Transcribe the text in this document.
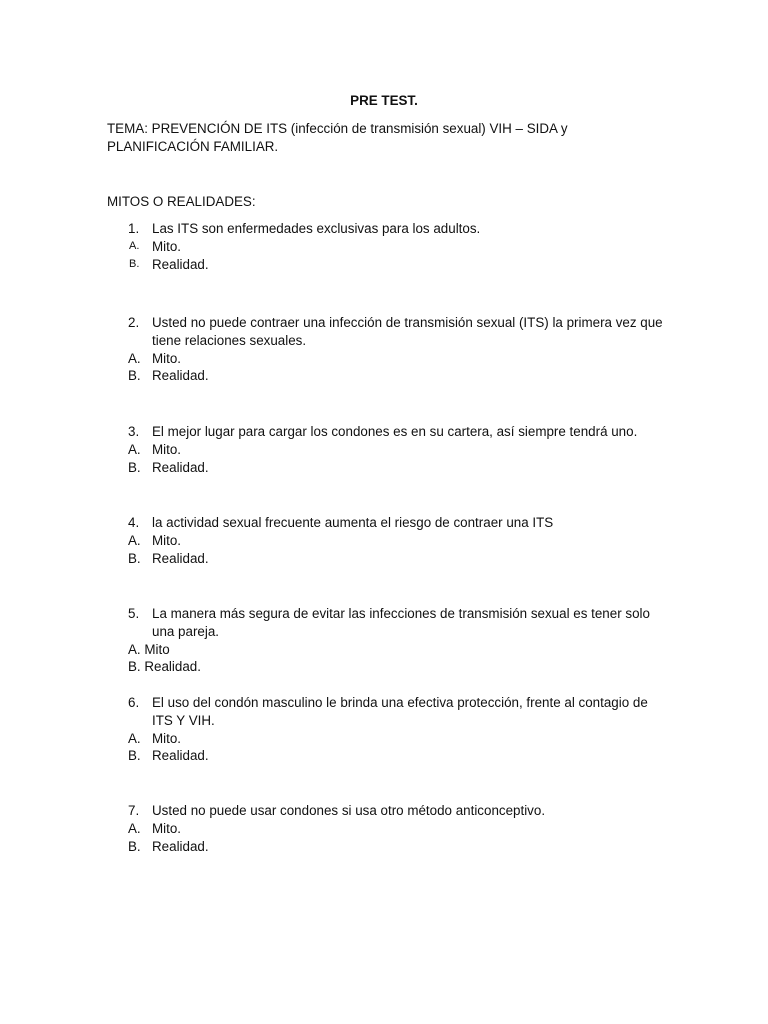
PRE TEST.
TEMA: PREVENCIÓN DE ITS (infección de transmisión sexual) VIH – SIDA y PLANIFICACIÓN FAMILIAR.
MITOS O REALIDADES:
1. Las ITS son enfermedades exclusivas para los adultos.
A. Mito.
B. Realidad.
2. Usted no puede contraer una infección de transmisión sexual (ITS) la primera vez que tiene relaciones sexuales.
A. Mito.
B. Realidad.
3. El mejor lugar para cargar los condones es en su cartera, así siempre tendrá uno.
A. Mito.
B. Realidad.
4. la actividad sexual frecuente aumenta el riesgo de contraer una ITS
A. Mito.
B. Realidad.
5. La manera más segura de evitar las infecciones de transmisión sexual es tener solo una pareja.
A. Mito
B. Realidad.
6. El uso del condón masculino le brinda una efectiva protección, frente al contagio de ITS Y VIH.
A. Mito.
B. Realidad.
7. Usted no puede usar condones si usa otro método anticonceptivo.
A. Mito.
B. Realidad.
